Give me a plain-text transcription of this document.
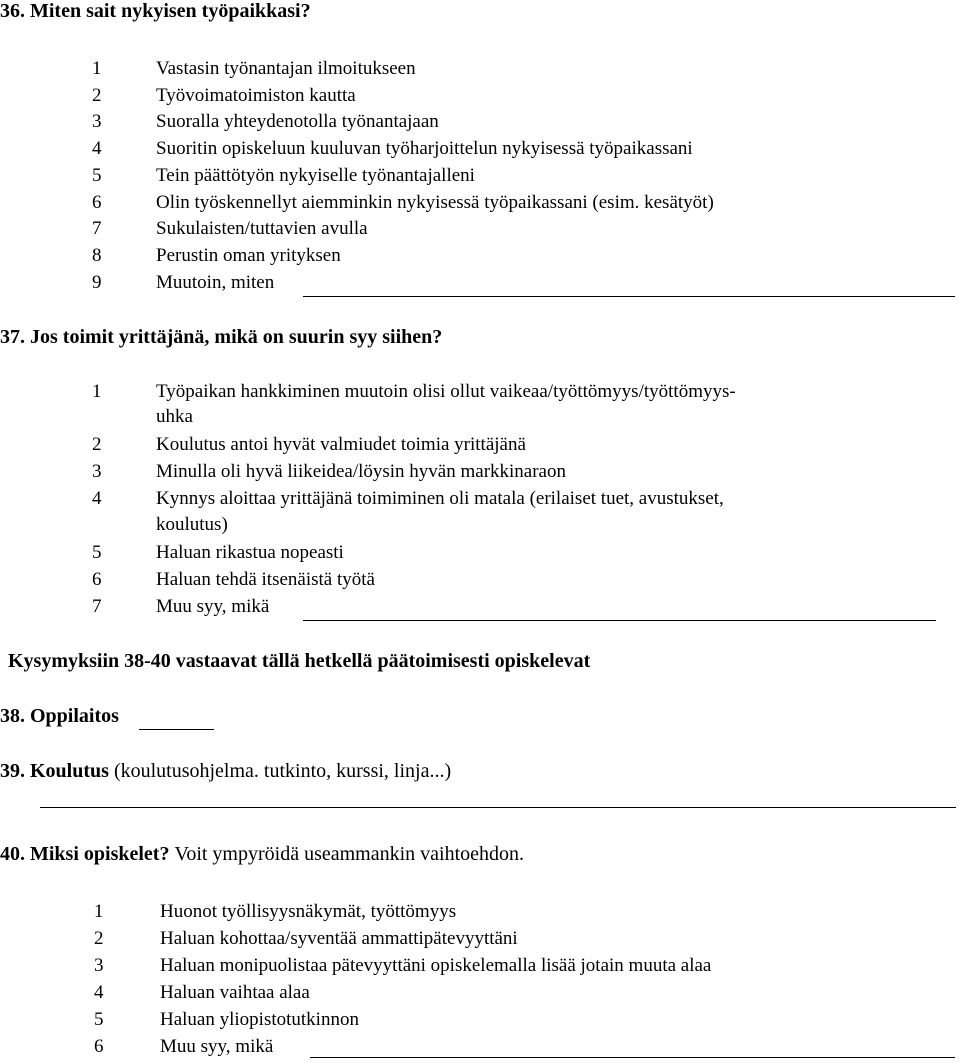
36. Miten sait nykyisen työpaikkasi?
1	Vastasin työnantajan ilmoitukseen
2	Työvoimatoimiston kautta
3	Suoralla yhteydenotolla työnantajaan
4	Suoritin opiskeluun kuuluvan työharjoittelun nykyisessä työpaikassani
5	Tein päättötyön nykyiselle työnantajalleni
6	Olin työskennellyt aiemminkin nykyisessä työpaikassani (esim. kesätyöt)
7	Sukulaisten/tuttavien avulla
8	Perustin oman yrityksen
9	Muutoin, miten
37. Jos toimit yrittäjänä, mikä on suurin syy siihen?
1	Työpaikan hankkiminen muutoin olisi ollut vaikeaa/työttömyys/työttömyys-
uhka
2	Koulutus antoi hyvät valmiudet toimia yrittäjänä
3	Minulla oli hyvä liikeidea/löysin hyvän markkinaraon
4	Kynnys aloittaa yrittäjänä toimiminen oli matala (erilaiset tuet, avustukset,
koulutus)
5	Haluan rikastua nopeasti
6	Haluan tehdä itsenäistä työtä
7	Muu syy, mikä
Kysymyksiin 38-40 vastaavat tällä hetkellä päätoimisesti opiskelevat
38. Oppilaitos
39. Koulutus (koulutusohjelma. tutkinto, kurssi, linja...)
40. Miksi opiskelet? Voit ympyröidä useammankin vaihtoehdon.
1	Huonot työllisyysnäkymät, työttömyys
2	Haluan kohottaa/syventää ammattipätevyyttäni
3	Haluan monipuolistaa pätevyyttäni opiskelemalla lisää jotain muuta alaa
4	Haluan vaihtaa alaa
5	Haluan yliopistotutkinnon
6	Muu syy, mikä
